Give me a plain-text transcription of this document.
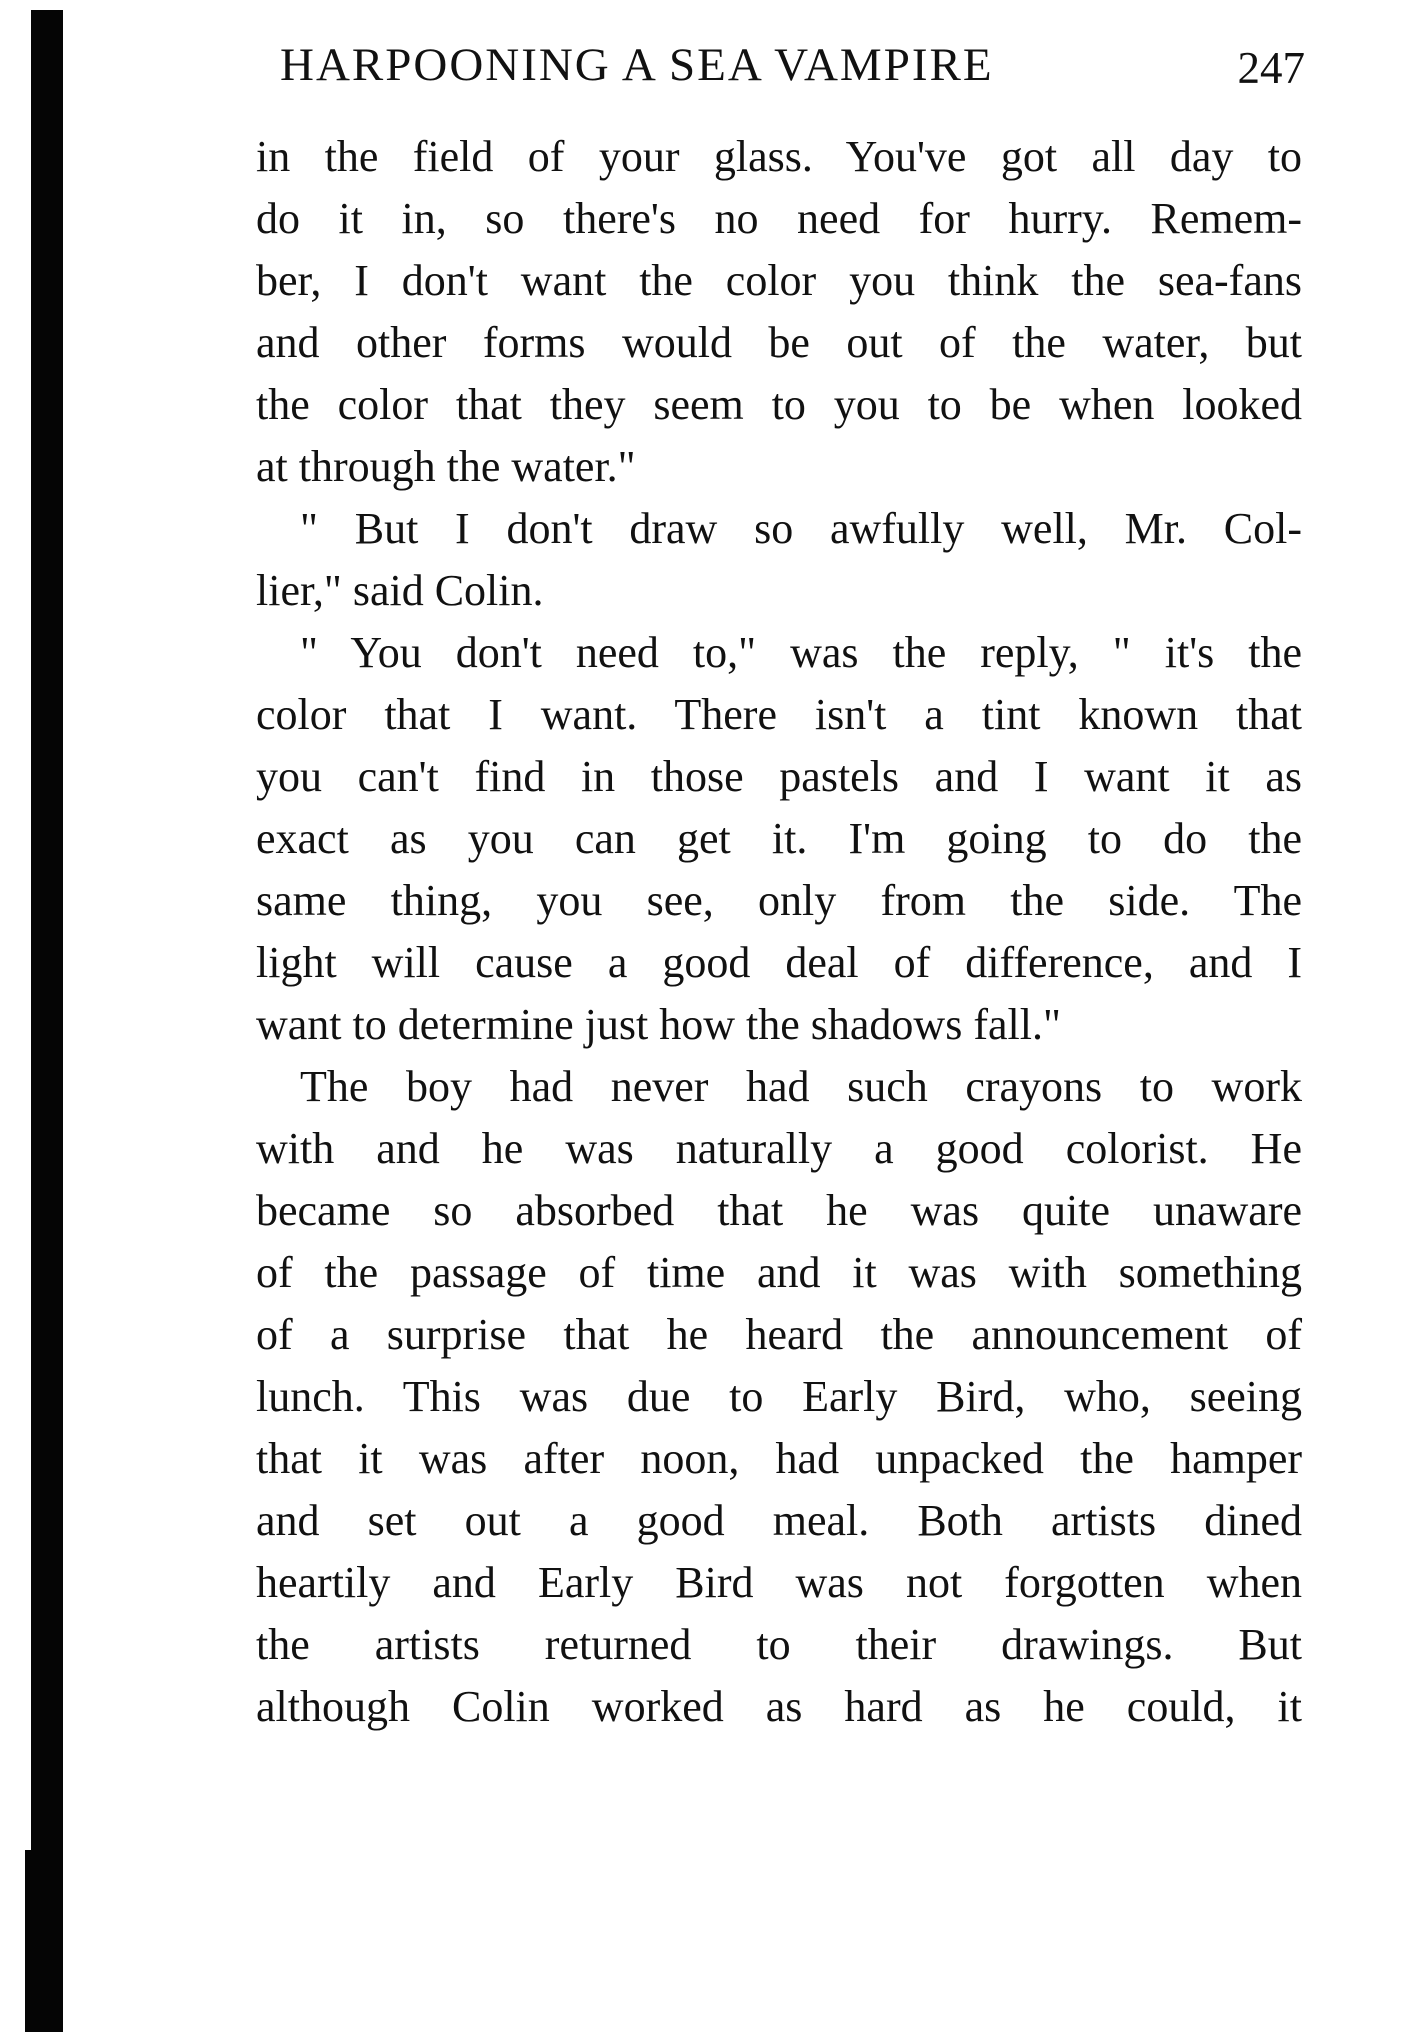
HARPOONING A SEA VAMPIRE	247
in the field of your glass. You've got all day to
do it in, so there's no need for hurry. Remem-
ber, I don't want the color you think the sea-fans
and other forms would be out of the water, but
the color that they seem to you to be when looked
at through the water."
" But I don't draw so awfully well, Mr. Col-
lier," said Colin.
" You don't need to," was the reply, " it's the
color that I want. There isn't a tint known that
you can't find in those pastels and I want it as
exact as you can get it. I'm going to do the
same thing, you see, only from the side. The
light will cause a good deal of difference, and I
want to determine just how the shadows fall."
The boy had never had such crayons to work
with and he was naturally a good colorist. He
became so absorbed that he was quite unaware
of the passage of time and it was with something
of a surprise that he heard the announcement of
lunch. This was due to Early Bird, who, seeing
that it was after noon, had unpacked the hamper
and set out a good meal. Both artists dined
heartily and Early Bird was not forgotten when
the artists returned to their drawings. But
although Colin worked as hard as he could, it
